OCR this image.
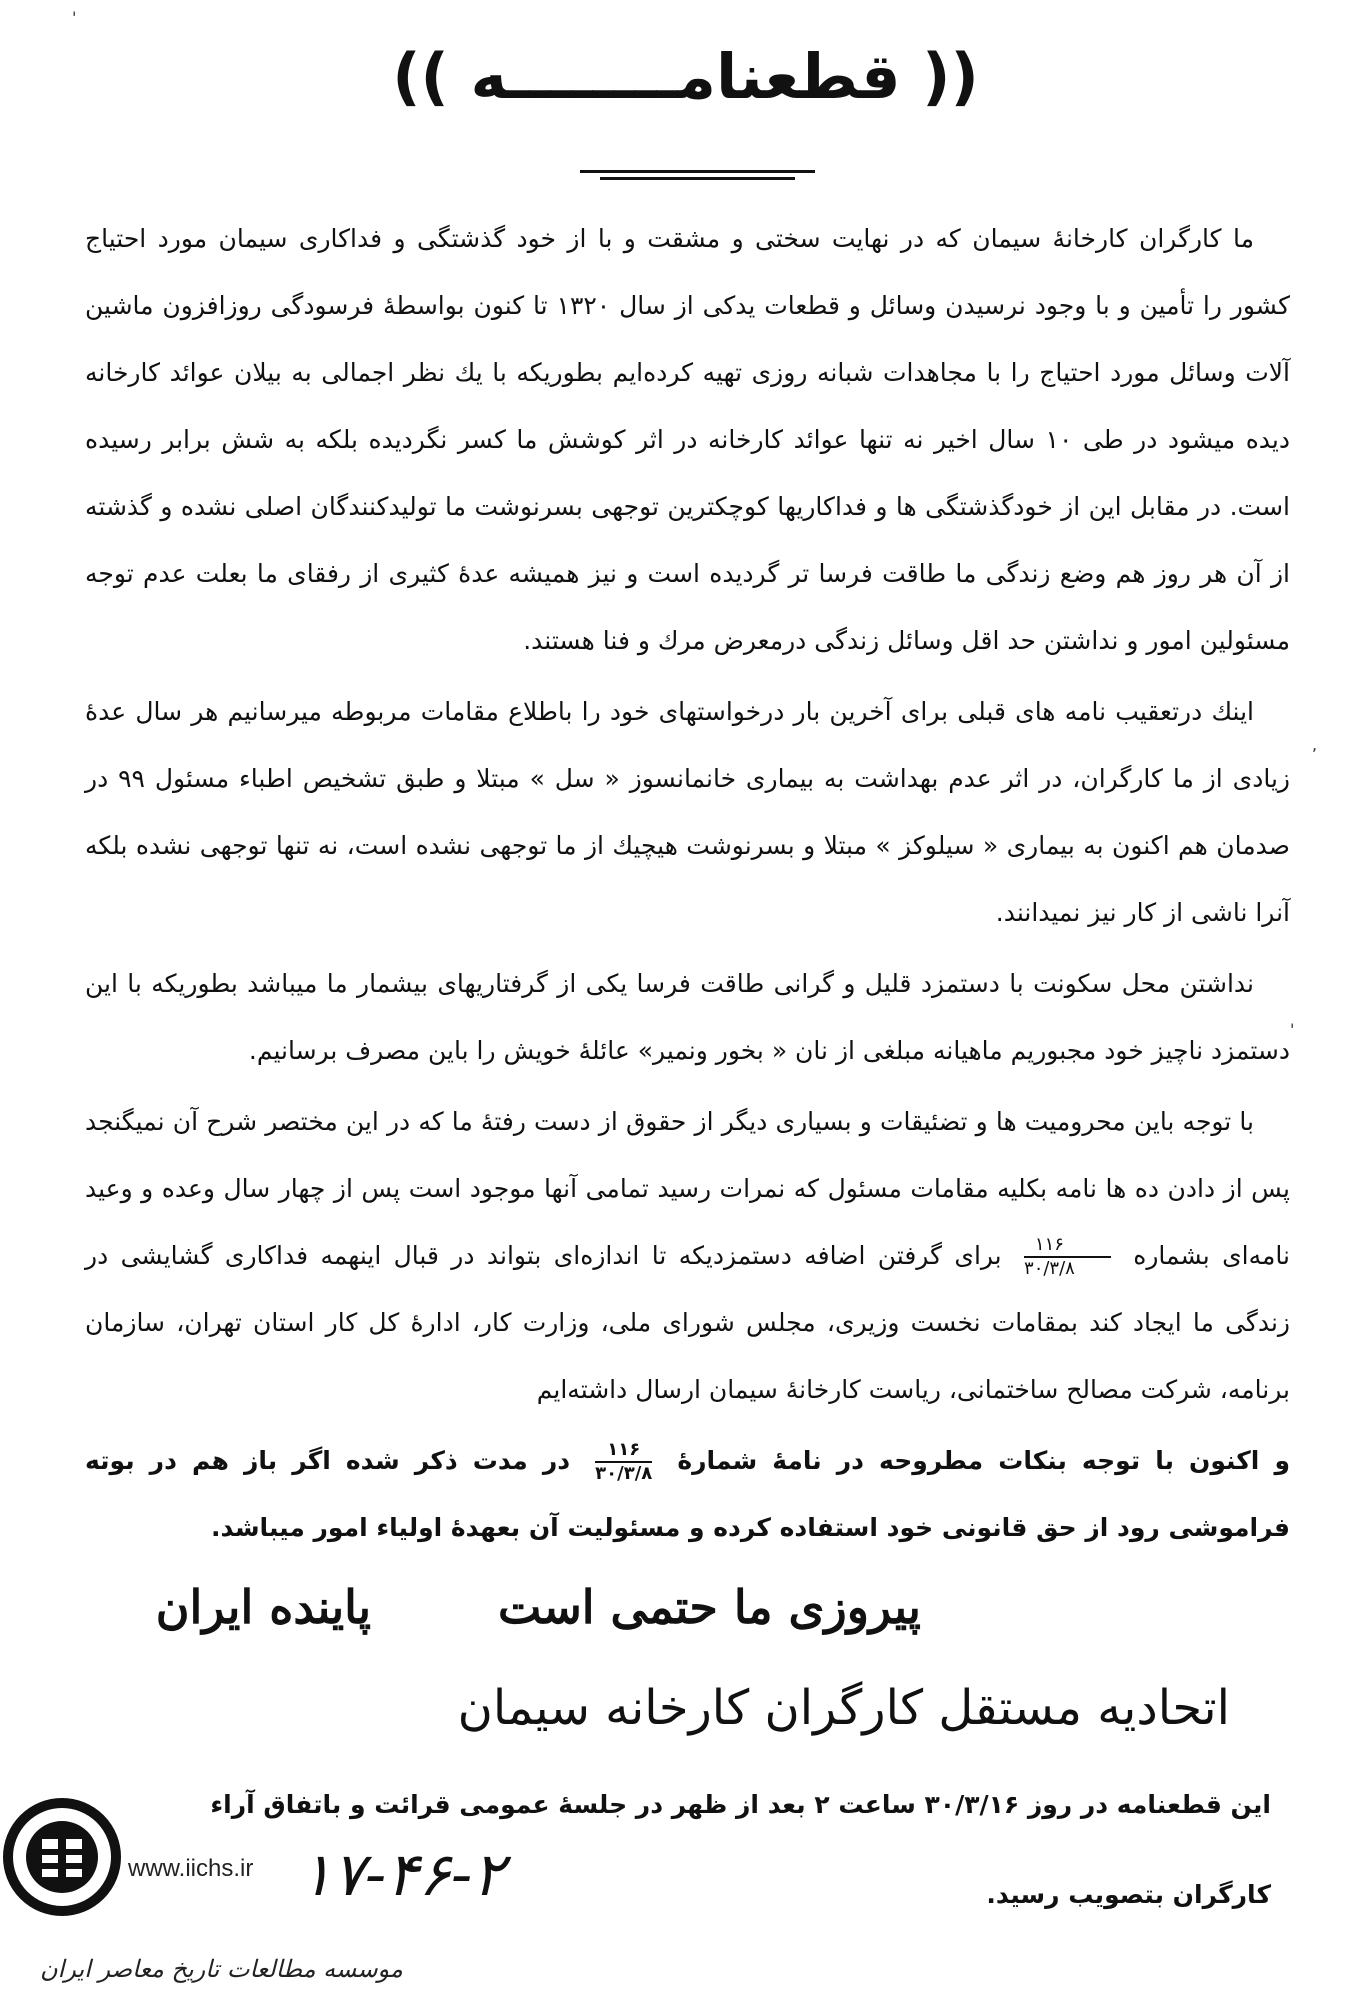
'
,
'
(( قطعنامــــــــه ))

ما کارگران کارخانهٔ سیمان که در نهایت سختی و مشقت و با از خود گذشتگی و فداکاری سیمان مورد احتیاج کشور را تأمین و با وجود نرسیدن وسائل و قطعات یدکی از سال ۱۳۲۰ تا کنون بواسطهٔ فرسودگی روزافزون ماشین آلات وسائل مورد احتیاج را با مجاهدات شبانه روزی تهیه کرده‌ایم بطوریکه با یك نظر اجمالی به بیلان عوائد کارخانه دیده میشود در طی ۱۰ سال اخیر نه تنها عوائد کارخانه در اثر کوشش ما کسر نگردیده بلکه به شش برابر رسیده است. در مقابل این از خودگذشتگی ها و فداکاریها کوچکترین توجهی بسرنوشت ما تولیدکنندگان اصلی نشده و گذشته از آن هر روز هم وضع زندگی ما طاقت فرسا تر گردیده است و نیز همیشه عدهٔ کثیری از رفقای ما بعلت عدم توجه مسئولین امور و نداشتن حد اقل وسائل زندگی درمعرض مرك و فنا هستند.

اینك درتعقیب نامه های قبلی برای آخرین بار درخواستهای خود را باطلاع مقامات مربوطه میرسانیم هر سال عدهٔ زیادی از ما کارگران، در اثر عدم بهداشت به بیماری خانمانسوز « سل » مبتلا و طبق تشخیص اطباء مسئول ۹۹ در صدمان هم اکنون به بیماری « سیلوکز » مبتلا و بسرنوشت هیچیك از ما توجهی نشده است، نه تنها توجهی نشده بلکه آنرا ناشی از کار نیز نمیدانند.

نداشتن محل سکونت با دستمزد قلیل و گرانی طاقت فرسا یکی از گرفتاریهای بیشمار ما میباشد بطوریکه با این دستمزد ناچیز خود مجبوریم ماهیانه مبلغی از نان « بخور ونمیر» عائلهٔ خویش را باین مصرف برسانیم.

با توجه باین محرومیت ها و تضئیقات و بسیاری دیگر از حقوق از دست رفتهٔ ما که در این مختصر شرح آن نمیگنجد پس از دادن ده ها نامه بکلیه مقامات مسئول که نمرات رسید تمامی آنها موجود است پس از چهار سال وعده و وعید نامه‌ای بشماره
$\frac{۱۱۶}{۳۰/۳/۸}$
برای گرفتن اضافه دستمزدیکه تا اندازه‌ای بتواند در قبال اینهمه فداکاری گشایشی در زندگی ما ایجاد کند بمقامات نخست وزیری، مجلس شورای ملی، وزارت کار، ادارهٔ کل کار استان تهران، سازمان برنامه، شرکت مصالح ساختمانی، ریاست کارخانهٔ سیمان ارسال داشته‌ایم

و اکنون با توجه بنکات مطروحه در نامهٔ شمارهٔ
$\frac{۱۱۶}{۳۰/۳/۸}$
در مدت ذکر شده اگر باز هم در بوته فراموشی رود از حق قانونی خود استفاده کرده و مسئولیت آن بعهدهٔ اولیاء امور میباشد.

پیروزی ما حتمی است
پاینده ایران
اتحادیه مستقل کارگران کارخانه سیمان
این قطعنامه در روز ۳۰/۳/۱۶ ساعت ۲ بعد از ظهر در جلسهٔ عمومی قرائت و باتفاق آراء
کارگران بتصویب رسید.
www.iichs.ir ۱۷-۴۶-۲
موسسه مطالعات تاریخ معاصر ایران
